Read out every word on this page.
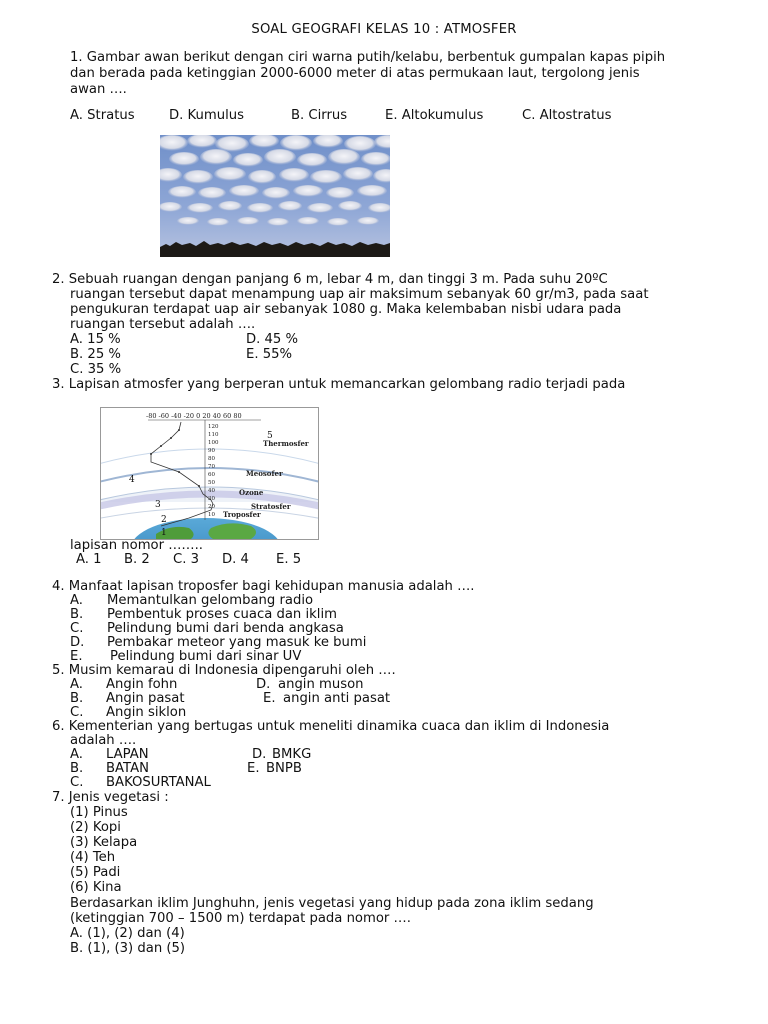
SOAL GEOGRAFI KELAS 10 : ATMOSFER
1. Gambar awan berikut dengan ciri warna putih/kelabu, berbentuk gumpalan kapas pipih
dan berada pada ketinggian 2000-6000 meter di atas permukaan laut, tergolong jenis
awan ….
A. Stratus	D. Kumulus	B. Cirrus	E. Altokumulus	C. Altostratus
2. Sebuah ruangan dengan panjang 6 m, lebar 4 m, dan tinggi 3 m. Pada suhu 20ºC
ruangan tersebut dapat menampung uap air maksimum sebanyak 60 gr/m3, pada saat
pengukuran terdapat uap air sebanyak 1080 g. Maka kelembaban nisbi udara pada
ruangan tersebut adalah ….
A. 15 %	D. 45 %
B. 25 %	E. 55%
C. 35 %
3. Lapisan atmosfer yang berperan untuk memancarkan gelombang radio terjadi pada
-80 -60 -40 -20 0 20 40 60 80
120
110
100
90
80
70
60
50
40
30
20
10
Thermosfer
Meosofer
Ozone
Stratosfer
Troposfer
5
4
3
2
1
lapisan nomor ……..
A. 1 B. 2 C. 3 D. 4 E. 5
4. Manfaat lapisan troposfer bagi kehidupan manusia adalah ….
A. Memantulkan gelombang radio
B. Pembentuk proses cuaca dan iklim
C. Pelindung bumi dari benda angkasa
D. Pembakar meteor yang masuk ke bumi
E. Pelindung bumi dari sinar UV
5. Musim kemarau di Indonesia dipengaruhi oleh ….
A. Angin fohn	D. angin muson
B. Angin pasat	E. angin anti pasat
C. Angin siklon
6. Kementerian yang bertugas untuk meneliti dinamika cuaca dan iklim di Indonesia
adalah ….
A. LAPAN	D. BMKG
B. BATAN	E. BNPB
C. BAKOSURTANAL
7. Jenis vegetasi :
(1) Pinus
(2) Kopi
(3) Kelapa
(4) Teh
(5) Padi
(6) Kina
Berdasarkan iklim Junghuhn, jenis vegetasi yang hidup pada zona iklim sedang
(ketinggian 700 – 1500 m) terdapat pada nomor ….
A. (1), (2) dan (4)
B. (1), (3) dan (5)
